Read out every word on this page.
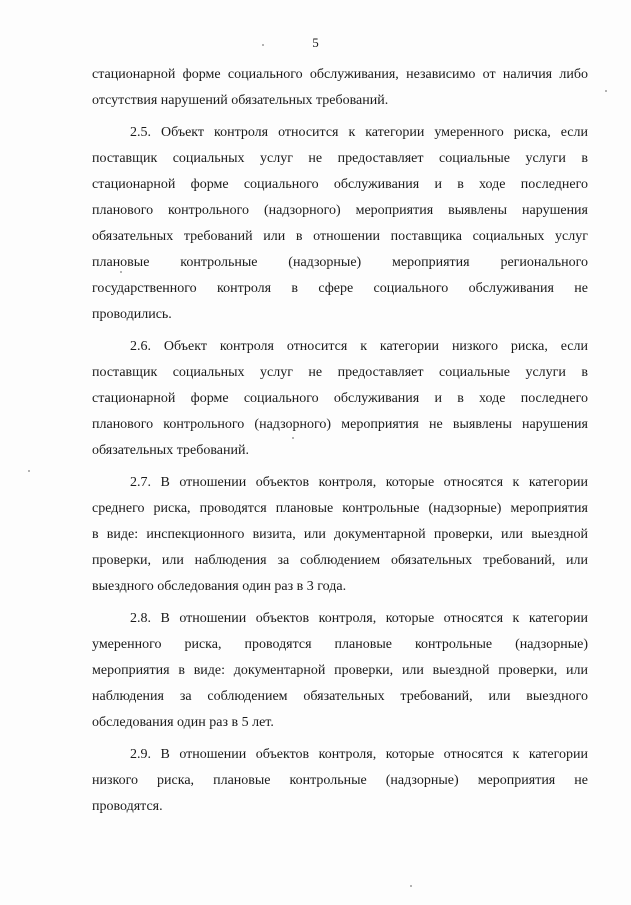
5

стационарной форме социального обслуживания, независимо от наличия либо
отсутствия нарушений обязательных требований.

2.5. Объект контроля относится к категории умеренного риска, если
поставщик социальных услуг не предоставляет социальные услуги в
стационарной форме социального обслуживания и в ходе последнего
планового контрольного (надзорного) мероприятия выявлены нарушения
обязательных требований или в отношении поставщика социальных услуг
плановые контрольные (надзорные) мероприятия регионального
государственного контроля в сфере социального обслуживания не
проводились.

2.6. Объект контроля относится к категории низкого риска, если
поставщик социальных услуг не предоставляет социальные услуги в
стационарной форме социального обслуживания и в ходе последнего
планового контрольного (надзорного) мероприятия не выявлены нарушения
обязательных требований.

2.7. В отношении объектов контроля, которые относятся к категории
среднего риска, проводятся плановые контрольные (надзорные) мероприятия
в виде: инспекционного визита, или документарной проверки, или выездной
проверки, или наблюдения за соблюдением обязательных требований, или
выездного обследования один раз в 3 года.

2.8. В отношении объектов контроля, которые относятся к категории
умеренного риска, проводятся плановые контрольные (надзорные)
мероприятия в виде: документарной проверки, или выездной проверки, или
наблюдения за соблюдением обязательных требований, или выездного
обследования один раз в 5 лет.

2.9. В отношении объектов контроля, которые относятся к категории
низкого риска, плановые контрольные (надзорные) мероприятия не
проводятся.
